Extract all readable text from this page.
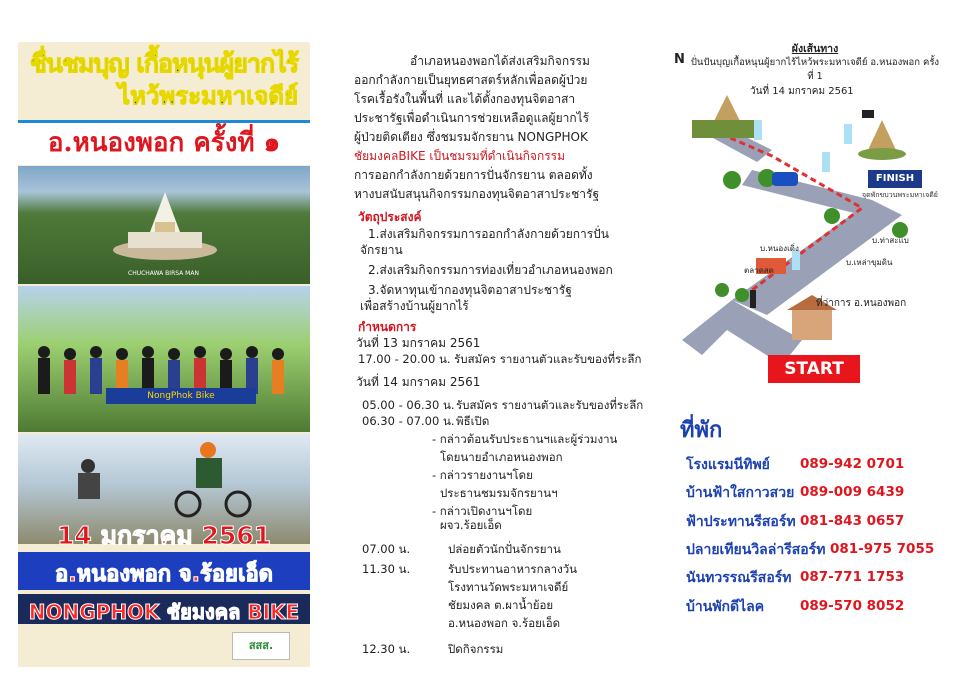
ชื่นชมบุญ เกื้อหนุนผู้ยากไร้
ไหว้พระมหาเจดีย์
อ.หนองพอก ครั้งที่ ๑
CHUCHAWA BIRSA MAN
NongPhok Bike
14 มกราคม 2561
อ.หนองพอก จ.ร้อยเอ็ด
NONGPHOK ชัยมงคล BIKE
สสส.
อำเภอหนองพอกได้ส่งเสริมกิจกรรม
ออกกำลังกายเป็นยุทธศาสตร์หลักเพื่อลดผู้ป่วย
โรคเรื้อรังในพื้นที่ และได้ตั้งกองทุนจิตอาสา
ประชารัฐเพื่อดำเนินการช่วยเหลือดูแลผู้ยากไร้
ผู้ป่วยติดเตียง ซึ่งชมรมจักรยาน NONGPHOK
ชัยมงคลBIKE เป็นชมรมที่ดำเนินกิจกรรม
การออกกำลังกายด้วยการปั่นจักรยาน ตลอดทั้ง
หางบสนับสนุนกิจกรรมกองทุนจิตอาสาประชารัฐ
วัตถุประสงค์
1.ส่งเสริมกิจกรรมการออกกำลังกายด้วยการปั่น
จักรยาน
2.ส่งเสริมกิจกรรมการท่องเที่ยวอำเภอหนองพอก
3.จัดหาทุนเข้ากองทุนจิตอาสาประชารัฐ
เพื่อสร้างบ้านผู้ยากไร้
กำหนดการ
วันที่ 13 มกราคม 2561
17.00 - 20.00 น. รับสมัคร รายงานตัวและรับของที่ระลึก
วันที่ 14 มกราคม 2561
05.00 - 06.30 น. รับสมัคร รายงานตัวและรับของที่ระลึก
06.30 - 07.00 น. พิธีเปิด
- กล่าวต้อนรับประธานฯและผู้ร่วมงาน
โดยนายอำเภอหนองพอก
- กล่าวรายงานฯโดย
ประธานชมรมจักรยานฯ
- กล่าวเปิดงานฯโดย
ผจว.ร้อยเอ็ด
07.00 น.	ปล่อยตัวนักปั่นจักรยาน
11.30 น.	รับประทานอาหารกลางวัน
โรงทานวัดพระมหาเจดีย์
ชัยมงคล ต.ผาน้ำย้อย
อ.หนองพอก จ.ร้อยเอ็ด
12.30 น.	ปิดกิจกรรม
N
ผังเส้นทาง
ปั่นปันบุญเกื้อหนุนผู้ยากไร้ไหว้พระมหาเจดีย์ อ.หนองพอก ครั้งที่ 1
วันที่ 14 มกราคม 2561
FINISH
จุดพักขบวนพระมหาเจดีย์
บ.หนองเดิ่ง
บ.ท่าสะแบ
บ.เหล่าขุมดิน
ตลาดสด
ที่ว่าการ อ.หนองพอก
START
ที่พัก
โรงแรมนีทิพย์ 089-942 0701
บ้านฟ้าใสกาวสวย 089-009 6439
ฟ้าประทานรีสอร์ท 081-843 0657
ปลายเทียนวิลล่ารีสอร์ท 081-975 7055
นันทวรรณรีสอร์ท 087-771 1753
บ้านพักดีไลค	089-570 8052
